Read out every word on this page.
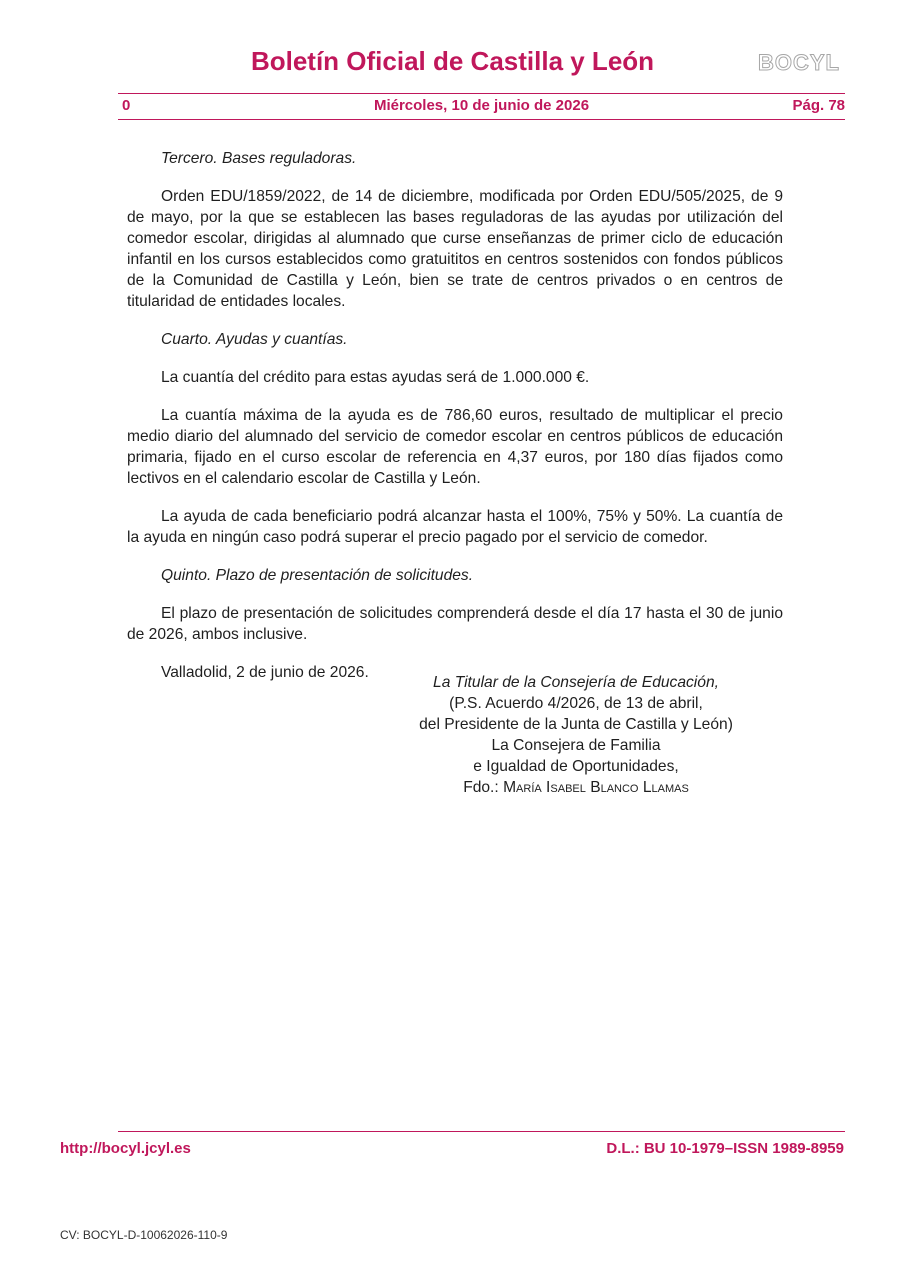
Boletín Oficial de Castilla y León	BOCYL
0	Miércoles, 10 de junio de 2026	Pág. 78

Tercero. Bases reguladoras.

Orden EDU/1859/2022, de 14 de diciembre, modificada por Orden EDU/505/2025, de 9 de mayo, por la que se establecen las bases reguladoras de las ayudas por utilización del comedor escolar, dirigidas al alumnado que curse enseñanzas de primer ciclo de educación infantil en los cursos establecidos como gratuititos en centros sostenidos con fondos públicos de la Comunidad de Castilla y León, bien se trate de centros privados o en centros de titularidad de entidades locales.

Cuarto. Ayudas y cuantías.

La cuantía del crédito para estas ayudas será de 1.000.000 €.

La cuantía máxima de la ayuda es de 786,60 euros, resultado de multiplicar el precio medio diario del alumnado del servicio de comedor escolar en centros públicos de educación primaria, fijado en el curso escolar de referencia en 4,37 euros, por 180 días fijados como lectivos en el calendario escolar de Castilla y León.

La ayuda de cada beneficiario podrá alcanzar hasta el 100%, 75% y 50%. La cuantía de la ayuda en ningún caso podrá superar el precio pagado por el servicio de comedor.

Quinto. Plazo de presentación de solicitudes.

El plazo de presentación de solicitudes comprenderá desde el día 17 hasta el 30 de junio de 2026, ambos inclusive.

Valladolid, 2 de junio de 2026.

La Titular de la Consejería de Educación,
(P.S. Acuerdo 4/2026, de 13 de abril,
del Presidente de la Junta de Castilla y León)
La Consejera de Familia
e Igualdad de Oportunidades,
Fdo.: María Isabel Blanco Llamas
http://bocyl.jcyl.es	D.L.: BU 10-1979–ISSN 1989-8959
CV: BOCYL-D-10062026-110-9
